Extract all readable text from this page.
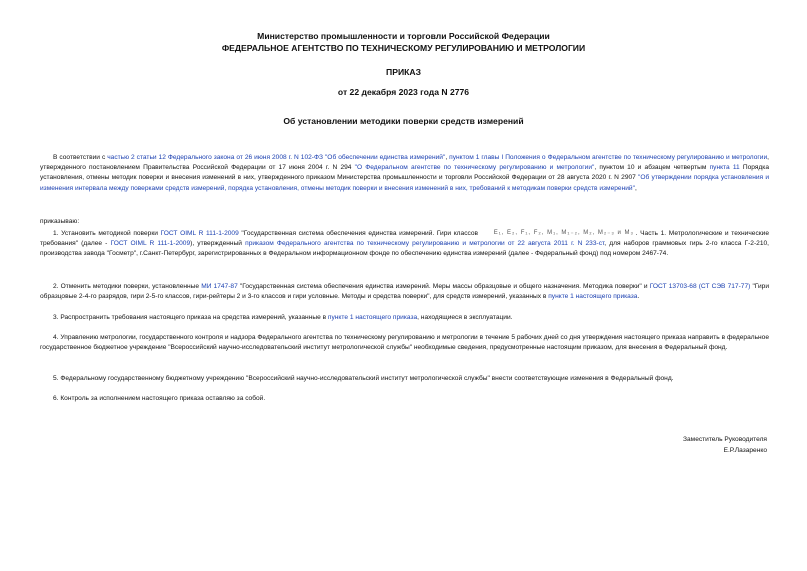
Министерство промышленности и торговли Российской Федерации
ФЕДЕРАЛЬНОЕ АГЕНТСТВО ПО ТЕХНИЧЕСКОМУ РЕГУЛИРОВАНИЮ И МЕТРОЛОГИИ
ПРИКАЗ
от 22 декабря 2023 года N 2776
Об установлении методики поверки средств измерений
В соответствии с частью 2 статьи 12 Федерального закона от 26 июня 2008 г. N 102-ФЗ "Об обеспечении единства измерений", пунктом 1 главы I Положения о Федеральном агентстве по техническому регулированию и метрологии, утвержденного постановлением Правительства Российской Федерации от 17 июня 2004 г. N 294 "О Федеральном агентстве по техническому регулированию и метрологии", пунктом 10 и абзацем четвертым пункта 11 Порядка установления, отмены методик поверки и внесения изменений в них, утвержденного приказом Министерства промышленности и торговли Российской Федерации от 28 августа 2020 г. N 2907 "Об утверждении порядка установления и изменения интервала между поверками средств измерений, порядка установления, отмены методик поверки и внесения изменений в них, требований к методикам поверки средств измерений",
приказываю:
1. Установить методикой поверки ГОСТ OIML R 111-1-2009 "Государственная система обеспечения единства измерений. Гири классов E₁, E₂, F₁, F₂, M₁, M₁₋₂, M₂, M₂₋₃ и M₃ . Часть 1. Метрологические и технические требования" (далее - ГОСТ OIML R 111-1-2009), утвержденный приказом Федерального агентства по техническому регулированию и метрологии от 22 августа 2011 г. N 233-ст, для наборов граммовых гирь 2-го класса Г-2-210, производства завода "Госметр", г.Санкт-Петербург, зарегистрированных в Федеральном информационном фонде по обеспечению единства измерений (далее - Федеральный фонд) под номером 2467-74.
2. Отменить методики поверки, установленные МИ 1747-87 "Государственная система обеспечения единства измерений. Меры массы образцовые и общего назначения. Методика поверки" и ГОСТ 13703-68 (СТ СЭВ 717-77) "Гири образцовые 2-4-го разрядов, гири 2-5-го классов, гири-рейтеры 2 и 3-го классов и гири условные. Методы и средства поверки", для средств измерений, указанных в пункте 1 настоящего приказа.
3. Распространить требования настоящего приказа на средства измерений, указанные в пункте 1 настоящего приказа, находящиеся в эксплуатации.
4. Управлению метрологии, государственного контроля и надзора Федерального агентства по техническому регулированию и метрологии в течение 5 рабочих дней со дня утверждения настоящего приказа направить в федеральное государственное бюджетное учреждение "Всероссийский научно-исследовательский институт метрологической службы" необходимые сведения, предусмотренные настоящим приказом, для внесения в Федеральный фонд.
5. Федеральному государственному бюджетному учреждению "Всероссийский научно-исследовательский институт метрологической службы" внести соответствующие изменения в Федеральный фонд.
6. Контроль за исполнением настоящего приказа оставляю за собой.
Заместитель Руководителя
Е.Р.Лазаренко
